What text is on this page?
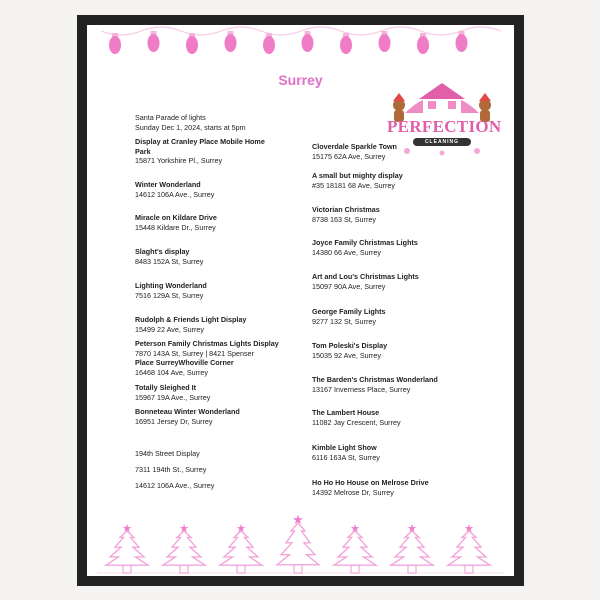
Surrey
PERFECTION
CLEANING
Santa Parade of lights
Sunday Dec 1, 2024, starts at 5pm
Display at Cranley Place Mobile Home
Park
15871 Yorkshire Pl., Surrey
Winter Wonderland
14612 106A Ave., Surrey
Miracle on Kildare Drive
15448 Kildare Dr., Surrey
Slaght's display
8483 152A St, Surrey
Lighting Wonderland
7516 129A St, Surrey
Rudolph & Friends Light Display
15499 22 Ave, Surrey
Peterson Family Christmas Lights Display
7870 143A St, Surrey | 8421 Spenser
Place SurreyWhoville Corner
16468 104 Ave, Surrey
Totally Sleighed It
15967 19A Ave., Surrey
Bonneteau Winter Wonderland
16951 Jersey Dr, Surrey
194th Street Display
7311 194th St., Surrey
14612 106A Ave., Surrey
Cloverdale Sparkle Town
15175 62A Ave, Surrey
A small but mighty display
#35 18181 68 Ave, Surrey
Victorian Christmas
8738 163 St, Surrey
Joyce Family Christmas Lights
14380 66 Ave, Surrey
Art and Lou's Christmas Lights
15097 90A Ave, Surrey
George Family Lights
9277 132 St, Surrey
Tom Poleski's Display
15035 92 Ave, Surrey
The Barden's Christmas Wonderland
13167 Inverness Place, Surrey
The Lambert House
11082 Jay Crescent, Surrey
Kimble Light Show
6116 163A St, Surrey
Ho Ho Ho House on Melrose Drive
14392 Melrose Dr, Surrey
★	★	★
★
★	★	★
